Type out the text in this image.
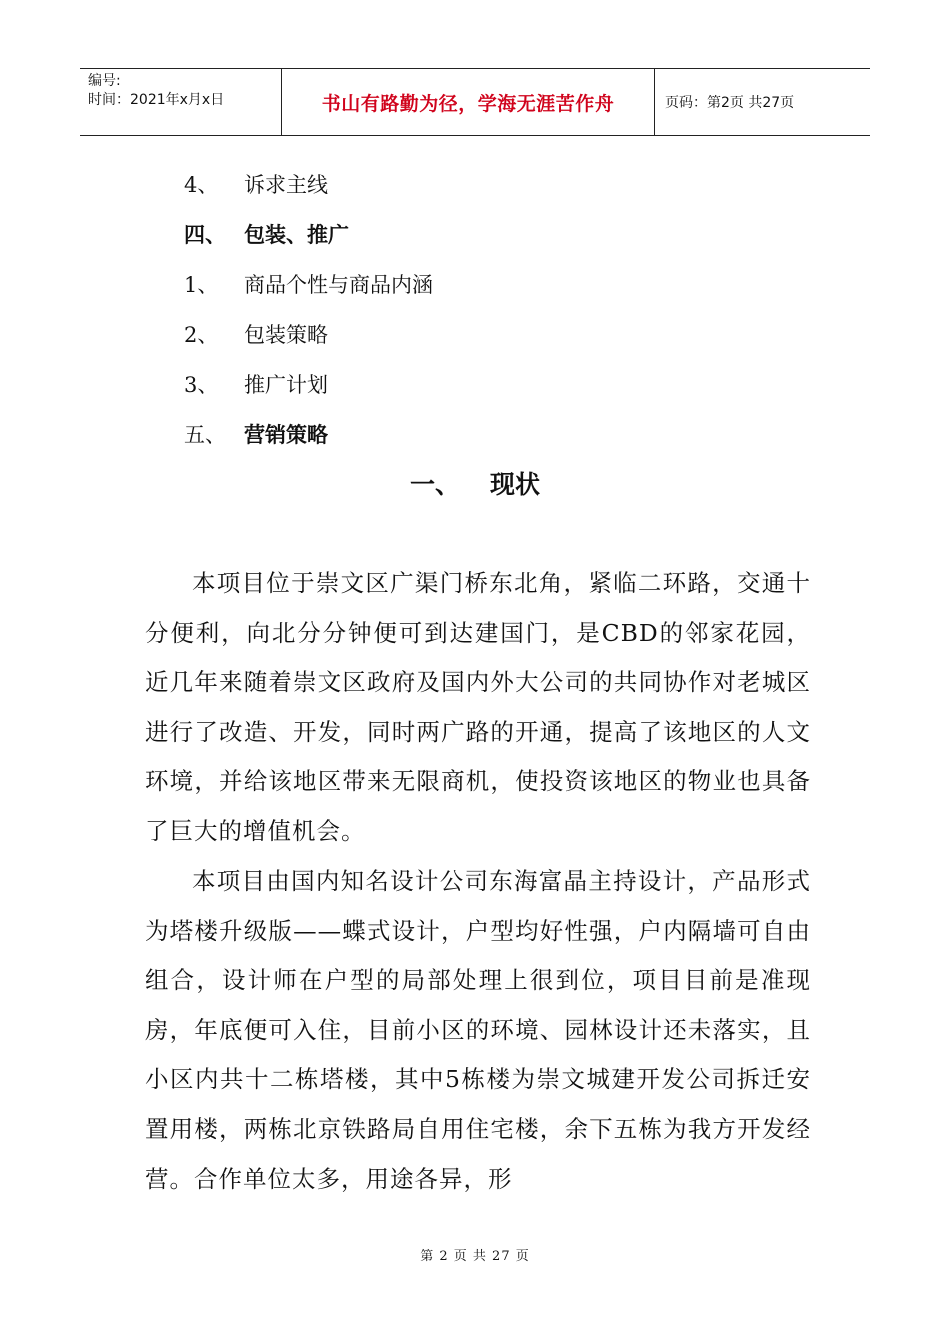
编号:
时间：2021年x月x日	书山有路勤为径，学海无涯苦作舟	页码：第2页 共27页
4、 诉求主线
四、 包装、推广
1、 商品个性与商品内涵
2、 包装策略
3、 推广计划
五、 营销策略
一、 现状
本项目位于崇文区广渠门桥东北角，紧临二环路，交通十分便利，向北分分钟便可到达建国门，是CBD的邻家花园，近几年来随着崇文区政府及国内外大公司的共同协作对老城区进行了改造、开发，同时两广路的开通，提高了该地区的人文环境，并给该地区带来无限商机，使投资该地区的物业也具备了巨大的增值机会。
本项目由国内知名设计公司东海富晶主持设计，产品形式为塔楼升级版——蝶式设计，户型均好性强，户内隔墙可自由组合，设计师在户型的局部处理上很到位，项目目前是准现房，年底便可入住，目前小区的环境、园林设计还未落实，且小区内共十二栋塔楼，其中5栋楼为崇文城建开发公司拆迁安置用楼，两栋北京铁路局自用住宅楼，余下五栋为我方开发经营。合作单位太多，用途各异，形
第 2 页 共 27 页
